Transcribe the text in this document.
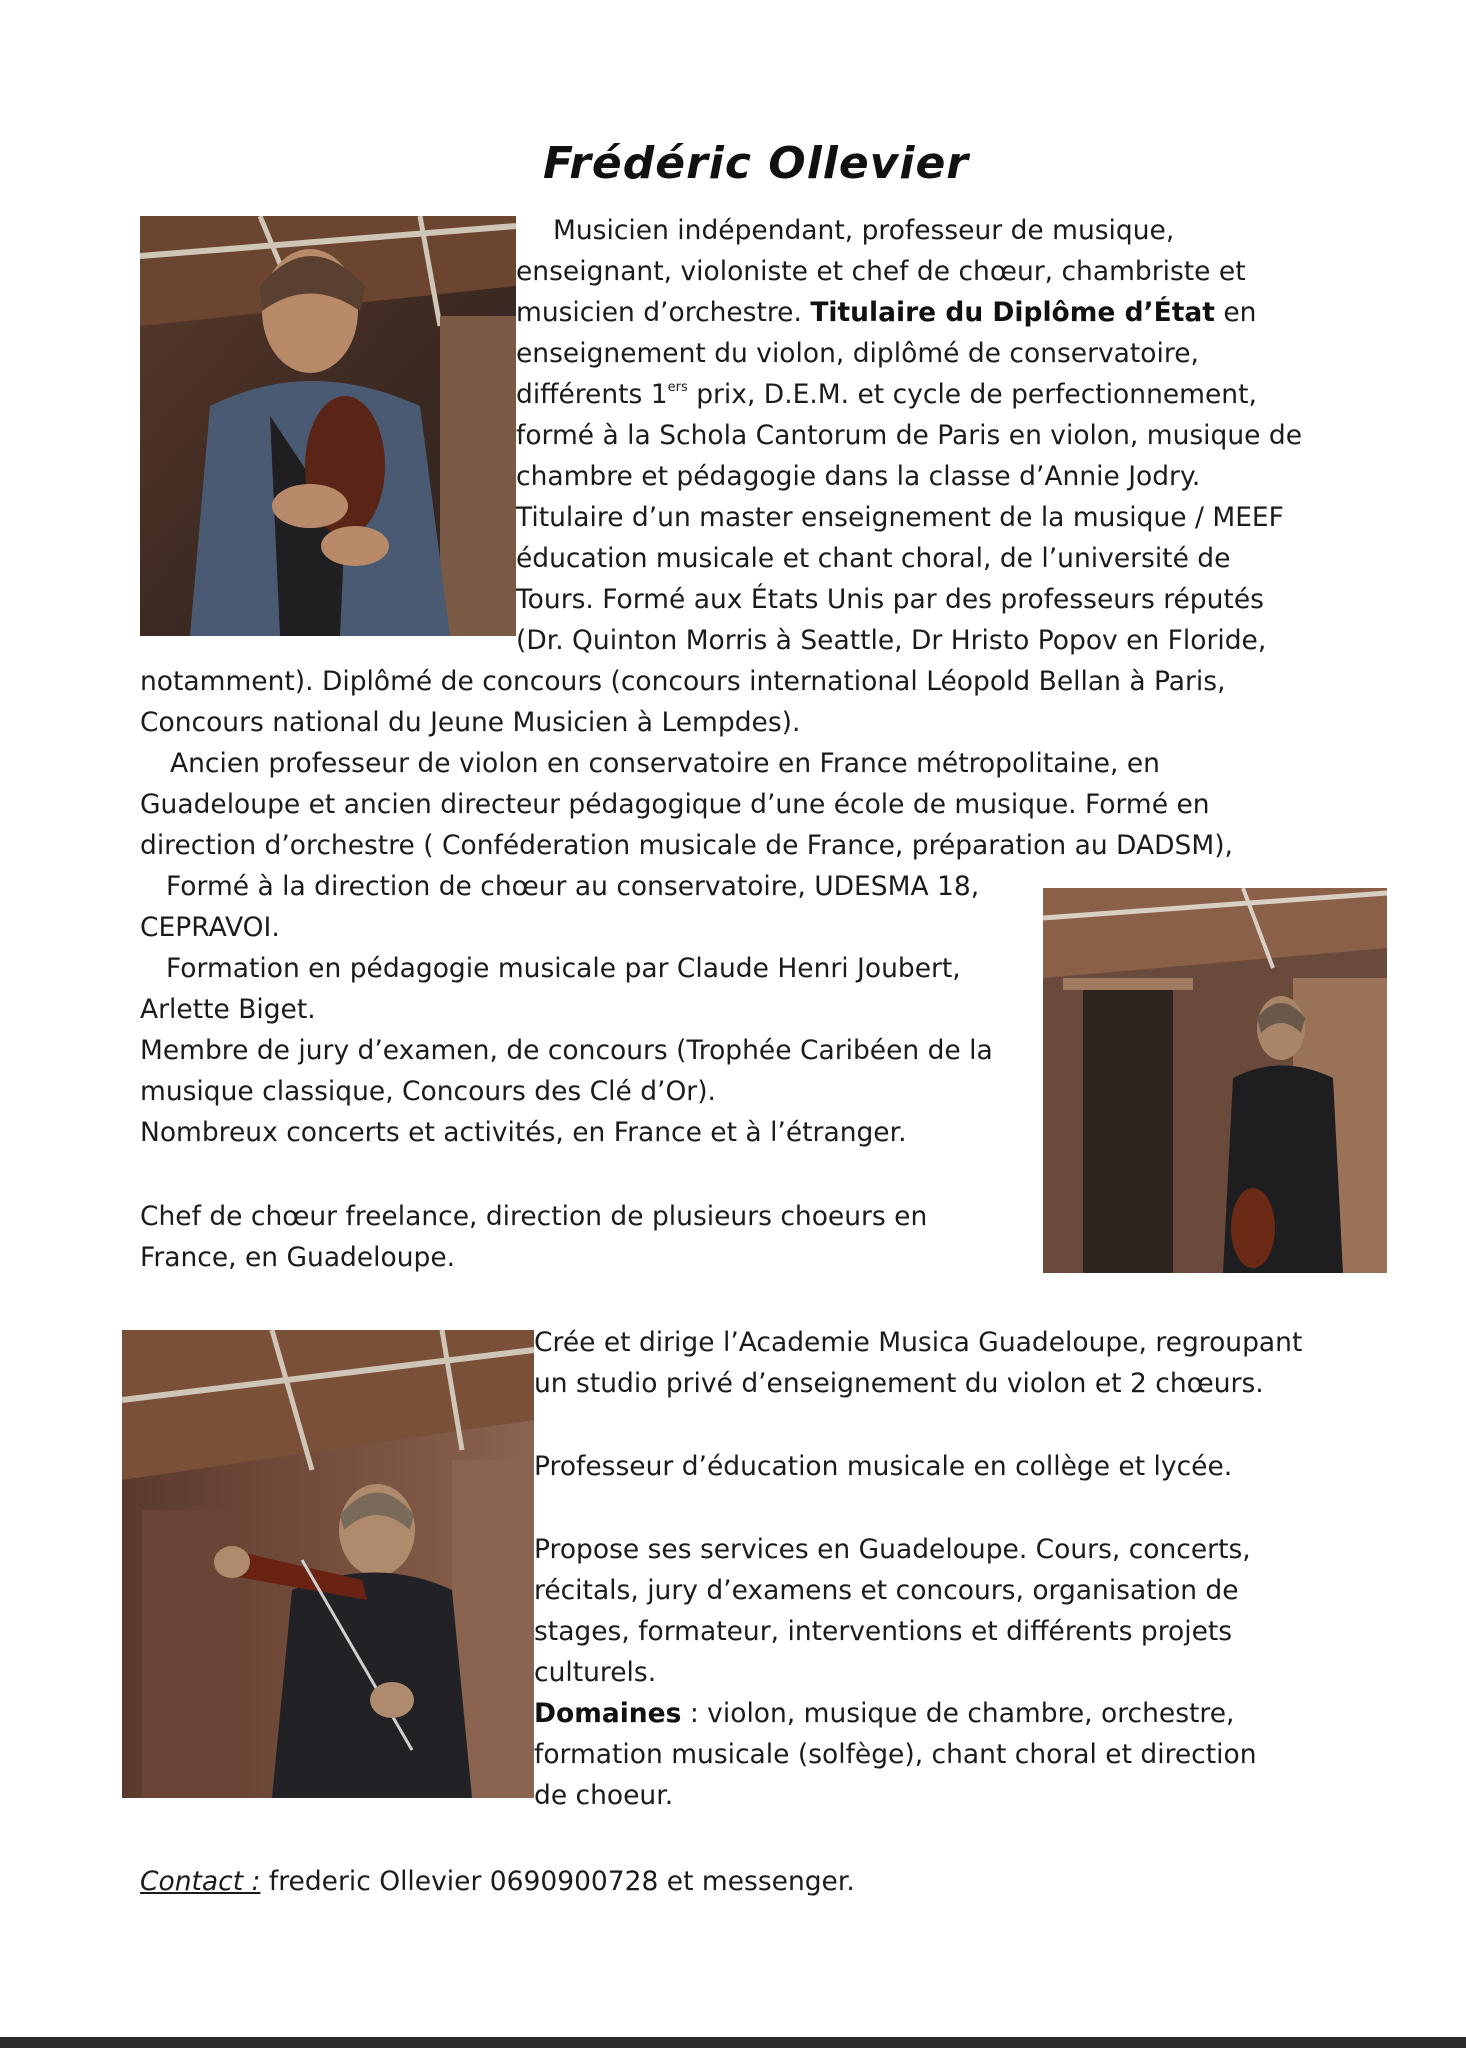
Frédéric Ollevier
Musicien indépendant, professeur de musique,
enseignant, violoniste et chef de chœur, chambriste et
musicien d’orchestre. Titulaire du Diplôme d’État en
enseignement du violon, diplômé de conservatoire,
différents 1ers prix, D.E.M. et cycle de perfectionnement,
formé à la Schola Cantorum de Paris en violon, musique de
chambre et pédagogie dans la classe d’Annie Jodry.
Titulaire d’un master enseignement de la musique / MEEF
éducation musicale et chant choral, de l’université de
Tours. Formé aux États Unis par des professeurs réputés
(Dr. Quinton Morris à Seattle, Dr Hristo Popov en Floride,
notamment). Diplômé de concours (concours international Léopold Bellan à Paris,
Concours national du Jeune Musicien à Lempdes).
Ancien professeur de violon en conservatoire en France métropolitaine, en
Guadeloupe et ancien directeur pédagogique d’une école de musique. Formé en
direction d’orchestre ( Conféderation musicale de France, préparation au DADSM),
Formé à la direction de chœur au conservatoire, UDESMA 18,
CEPRAVOI.
Formation en pédagogie musicale par Claude Henri Joubert,
Arlette Biget.
Membre de jury d’examen, de concours (Trophée Caribéen de la
musique classique, Concours des Clé d’Or).
Nombreux concerts et activités, en France et à l’étranger.
Chef de chœur freelance, direction de plusieurs choeurs en
France, en Guadeloupe.
Crée et dirige l’Academie Musica Guadeloupe, regroupant
un studio privé d’enseignement du violon et 2 chœurs.
Professeur d’éducation musicale en collège et lycée.
Propose ses services en Guadeloupe. Cours, concerts,
récitals, jury d’examens et concours, organisation de
stages, formateur, interventions et différents projets
culturels.
Domaines : violon, musique de chambre, orchestre,
formation musicale (solfège), chant choral et direction
de choeur.
Contact : frederic Ollevier 0690900728 et messenger.
